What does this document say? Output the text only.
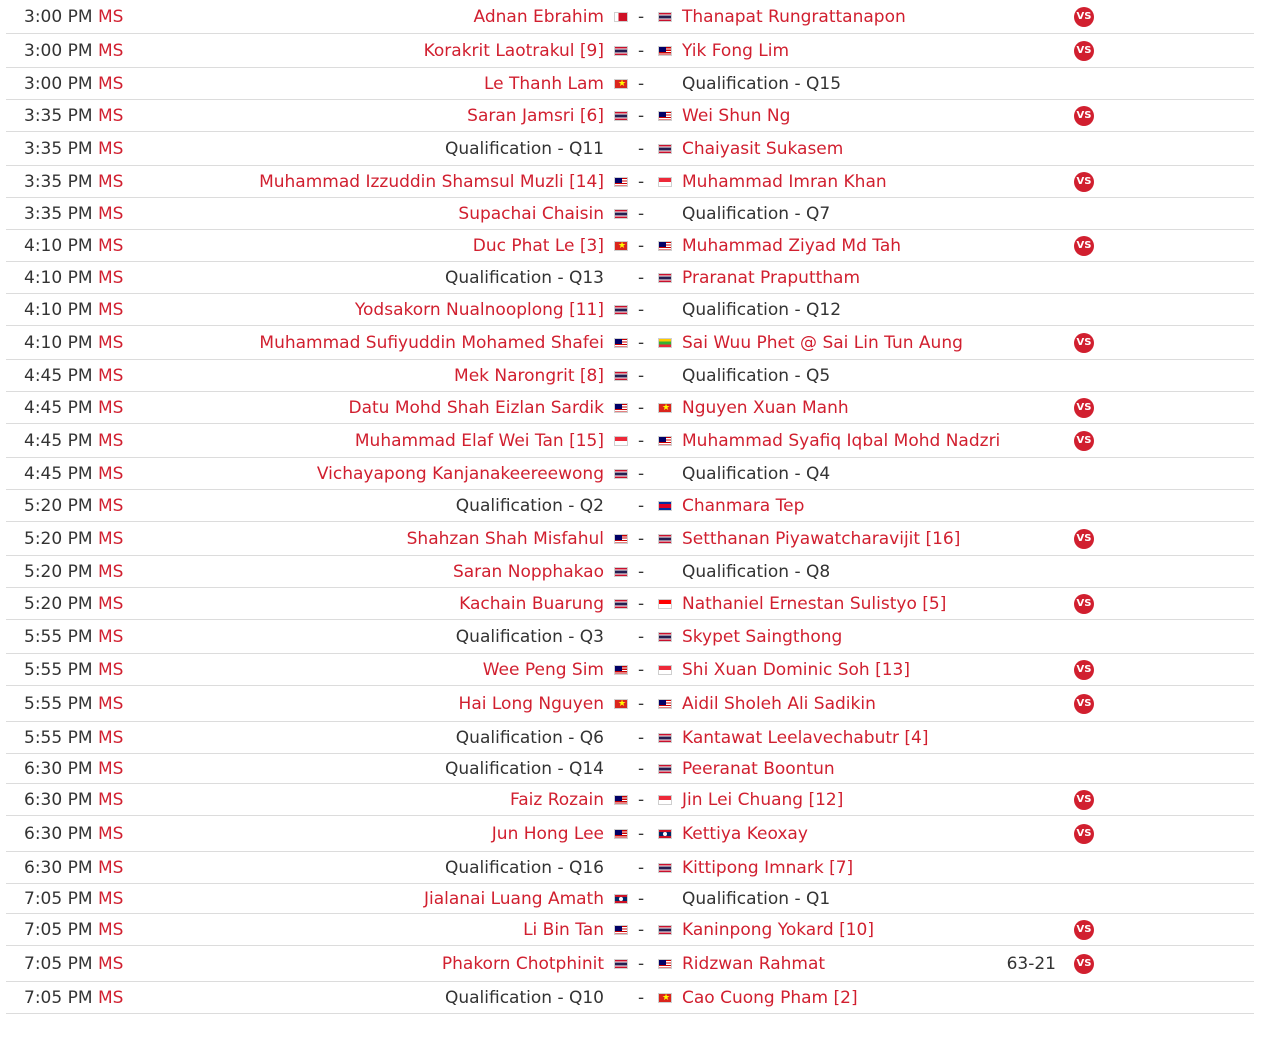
3:00 PM MS	Adnan Ebrahim - Thanapat Rungrattanapon	VS
3:00 PM MS	Korakrit Laotrakul [9] - Yik Fong Lim	VS
3:00 PM MS	Le Thanh Lam ★ - Qualification - Q15
3:35 PM MS	Saran Jamsri [6] - Wei Shun Ng	VS
3:35 PM MS	Qualification - Q11 - Chaiyasit Sukasem
3:35 PM MS	Muhammad Izzuddin Shamsul Muzli [14] - Muhammad Imran Khan	VS
3:35 PM MS	Supachai Chaisin - Qualification - Q7
4:10 PM MS	Duc Phat Le [3] ★ - Muhammad Ziyad Md Tah	VS
4:10 PM MS	Qualification - Q13 - Praranat Praputtham
4:10 PM MS	Yodsakorn Nualnooplong [11] - Qualification - Q12
4:10 PM MS	Muhammad Sufiyuddin Mohamed Shafei - Sai Wuu Phet @ Sai Lin Tun Aung	VS
4:45 PM MS	Mek Narongrit [8] - Qualification - Q5
4:45 PM MS	Datu Mohd Shah Eizlan Sardik - ★ Nguyen Xuan Manh	VS
4:45 PM MS	Muhammad Elaf Wei Tan [15] - Muhammad Syafiq Iqbal Mohd Nadzri	VS
4:45 PM MS	Vichayapong Kanjanakeereewong - Qualification - Q4
5:20 PM MS	Qualification - Q2 - Chanmara Tep
5:20 PM MS	Shahzan Shah Misfahul - Setthanan Piyawatcharavijit [16]	VS
5:20 PM MS	Saran Nopphakao - Qualification - Q8
5:20 PM MS	Kachain Buarung - Nathaniel Ernestan Sulistyo [5]	VS
5:55 PM MS	Qualification - Q3 - Skypet Saingthong
5:55 PM MS	Wee Peng Sim - Shi Xuan Dominic Soh [13]	VS
5:55 PM MS	Hai Long Nguyen ★ - Aidil Sholeh Ali Sadikin	VS
5:55 PM MS	Qualification - Q6 - Kantawat Leelavechabutr [4]
6:30 PM MS	Qualification - Q14 - Peeranat Boontun
6:30 PM MS	Faiz Rozain - Jin Lei Chuang [12]	VS
6:30 PM MS	Jun Hong Lee - Kettiya Keoxay	VS
6:30 PM MS	Qualification - Q16 - Kittipong Imnark [7]
7:05 PM MS	Jialanai Luang Amath - Qualification - Q1
7:05 PM MS	Li Bin Tan - Kaninpong Yokard [10]	VS
7:05 PM MS	Phakorn Chotphinit - Ridzwan Rahmat	63-21 VS
7:05 PM MS	Qualification - Q10 - ★ Cao Cuong Pham [2]
